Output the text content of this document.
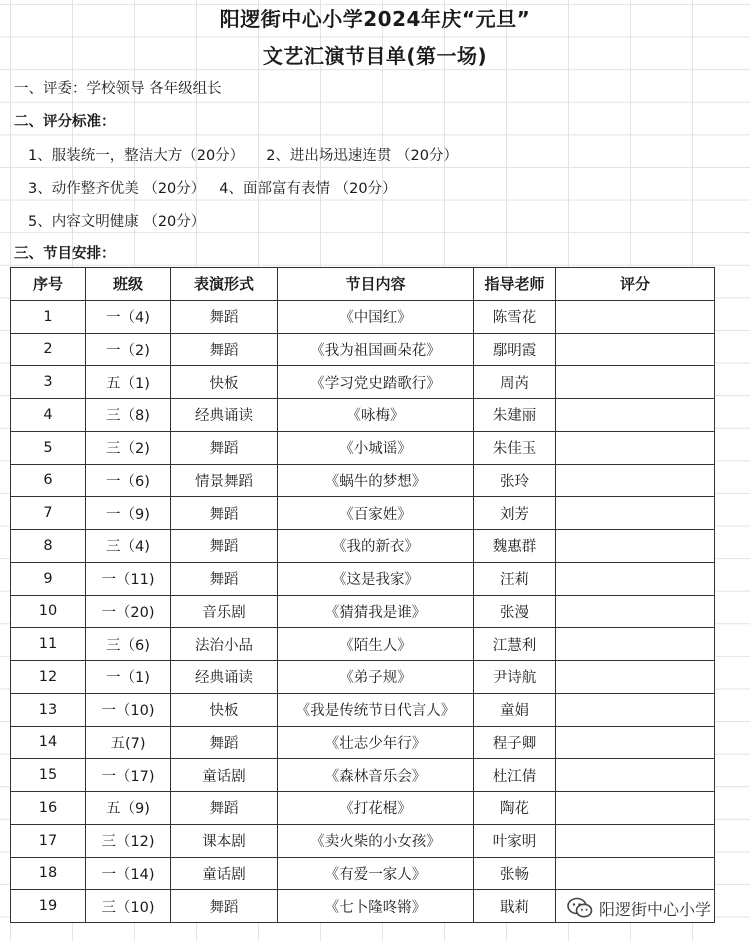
阳逻街中心小学2024年庆“元旦”
文艺汇演节目单(第一场)
一、评委：学校领导 各年级组长
二、评分标准：
1、服装统一，整洁大方（20分） 2、进出场迅速连贯 （20分）
3、动作整齐优美 （20分） 4、面部富有表情 （20分）
5、内容文明健康 （20分）
三、节目安排：
序号	班级	表演形式	节目内容	指导老师	评分
1	一（4)	舞蹈	《中国红》	陈雪花	
2	一（2)	舞蹈	《我为祖国画朵花》	鄢明霞	
3	五（1)	快板	《学习党史踏歌行》	周芮	
4	三（8)	经典诵读	《咏梅》	朱建丽	
5	三（2)	舞蹈	《小城谣》	朱佳玉	
6	一（6)	情景舞蹈	《蜗牛的梦想》	张玲	
7	一（9)	舞蹈	《百家姓》	刘芳	
8	三（4)	舞蹈	《我的新衣》	魏惠群	
9	一（11)	舞蹈	《这是我家》	汪莉	
10	一（20)	音乐剧	《猜猜我是谁》	张漫	
11	三（6)	法治小品	《陌生人》	江慧利	
12	一（1)	经典诵读	《弟子规》	尹诗航	
13	一（10)	快板	《我是传统节日代言人》	童娟	
14	五(7)	舞蹈	《壮志少年行》	程子卿	
15	一（17)	童话剧	《森林音乐会》	杜江倩	
16	五（9)	舞蹈	《打花棍》	陶花	
17	三（12)	课本剧	《卖火柴的小女孩》	叶家明	
18	一（14)	童话剧	《有爱一家人》	张畅	
19	三（10)	舞蹈	《七卜隆咚锵》	戢莉		阳逻街中心小学
